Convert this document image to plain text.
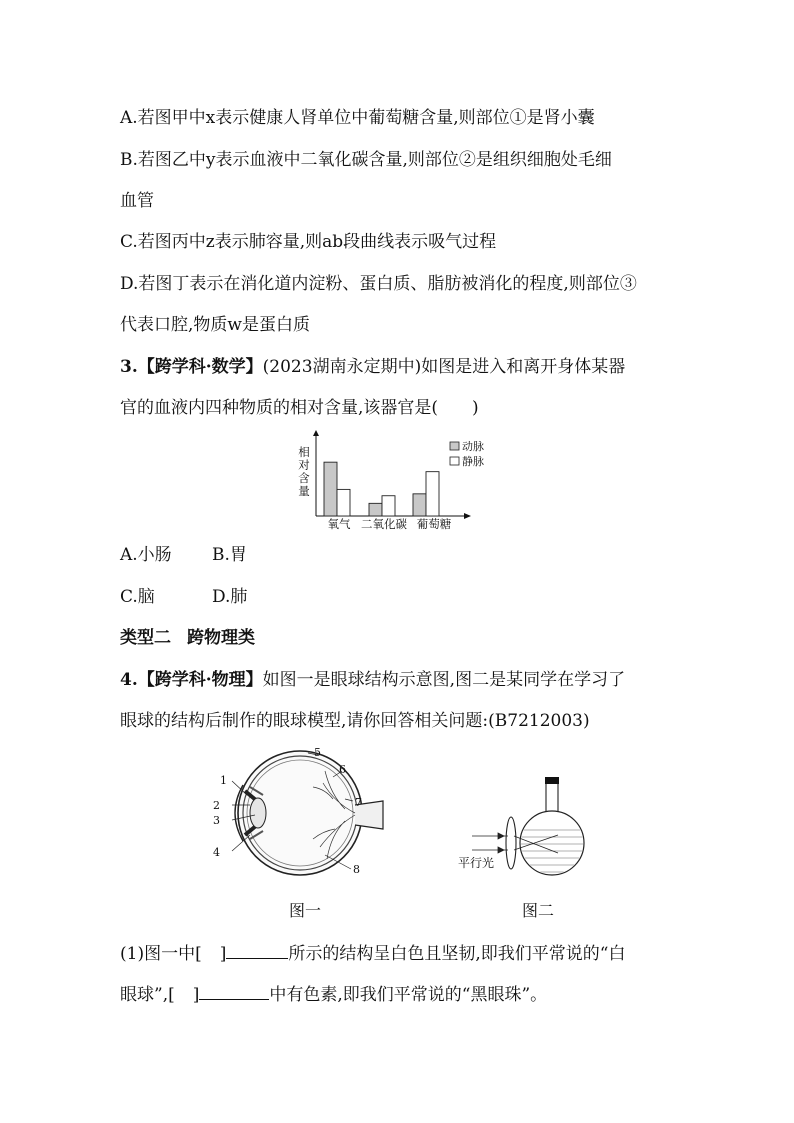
A.若图甲中x表示健康人肾单位中葡萄糖含量,则部位①是肾小囊
B.若图乙中y表示血液中二氧化碳含量,则部位②是组织细胞处毛细
血管
C.若图丙中z表示肺容量,则ab段曲线表示吸气过程
D.若图丁表示在消化道内淀粉、蛋白质、脂肪被消化的程度,则部位③
代表口腔,物质w是蛋白质
3.【跨学科·数学】(2023湖南永定期中)如图是进入和离开身体某器
官的血液内四种物质的相对含量,该器官是(　　)
相
对
含
量
氧气 二氧化碳 葡萄糖
动脉
静脉
A.小肠 B.胃
C.脑	D.肺
类型二 跨物理类
4.【跨学科·物理】如图一是眼球结构示意图,图二是某同学在学习了
眼球的结构后制作的眼球模型,请你回答相关问题:(B7212003)
1
2
3
4
5
6
7
8
图一
平行光
图二
(1)图一中[ ]	所示的结构呈白色且坚韧,即我们平常说的“白
眼球”,[ ]	中有色素,即我们平常说的“黑眼珠”。
